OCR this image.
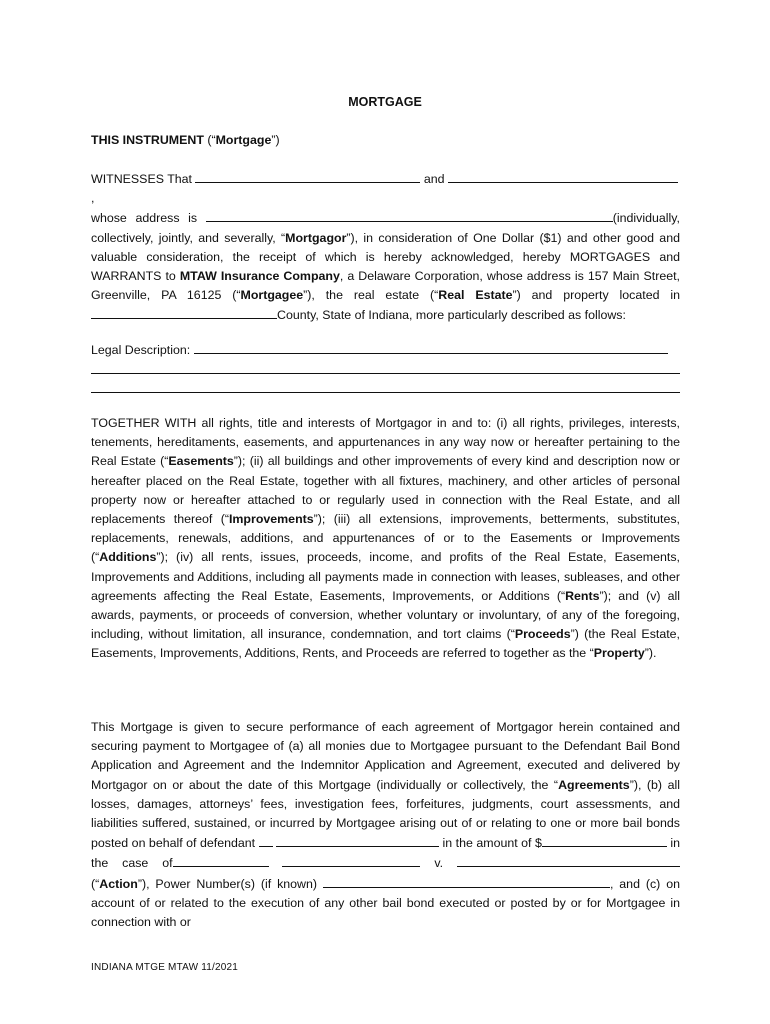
MORTGAGE
THIS INSTRUMENT (“Mortgage”)
WITNESSES That	and ,
whose address is	(individually, collectively, jointly, and severally, “Mortgagor”), in consideration of One Dollar ($1) and other good and valuable consideration, the receipt of which is hereby acknowledged, hereby MORTGAGES and WARRANTS to MTAW Insurance Company, a Delaware Corporation, whose address is 157 Main Street, Greenville, PA 16125 (“Mortgagee”), the real estate (“Real Estate”) and property located in County, State of Indiana, more particularly described as follows:
Legal Description:
TOGETHER WITH all rights, title and interests of Mortgagor in and to: (i) all rights, privileges, interests, tenements, hereditaments, easements, and appurtenances in any way now or hereafter pertaining to the Real Estate (“Easements”); (ii) all buildings and other improvements of every kind and description now or hereafter placed on the Real Estate, together with all fixtures, machinery, and other articles of personal property now or hereafter attached to or regularly used in connection with the Real Estate, and all replacements thereof (“Improvements”); (iii) all extensions, improvements, betterments, substitutes, replacements, renewals, additions, and appurtenances of or to the Easements or Improvements (“Additions”); (iv) all rents, issues, proceeds, income, and profits of the Real Estate, Easements, Improvements and Additions, including all payments made in connection with leases, subleases, and other agreements affecting the Real Estate, Easements, Improvements, or Additions (“Rents”); and (v) all awards, payments, or proceeds of conversion, whether voluntary or involuntary, of any of the foregoing, including, without limitation, all insurance, condemnation, and tort claims (“Proceeds”) (the Real Estate, Easements, Improvements, Additions, Rents, and Proceeds are referred to together as the “Property”).
This Mortgage is given to secure performance of each agreement of Mortgagor herein contained and securing payment to Mortgagee of (a) all monies due to Mortgagee pursuant to the Defendant Bail Bond Application and Agreement and the Indemnitor Application and Agreement, executed and delivered by Mortgagor on or about the date of this Mortgage (individually or collectively, the “Agreements”), (b) all losses, damages, attorneys’ fees, investigation fees, forfeitures, judgments, court assessments, and liabilities suffered, sustained, or incurred by Mortgagee arising out of or relating to one or more bail bonds posted on behalf of defendant	in the amount of $	in the case of	v.  (“Action”), Power Number(s) (if known)	, and (c) on account of or related to the execution of any other bail bond executed or posted by or for Mortgagee in connection with or
INDIANA MTGE MTAW 11/2021
